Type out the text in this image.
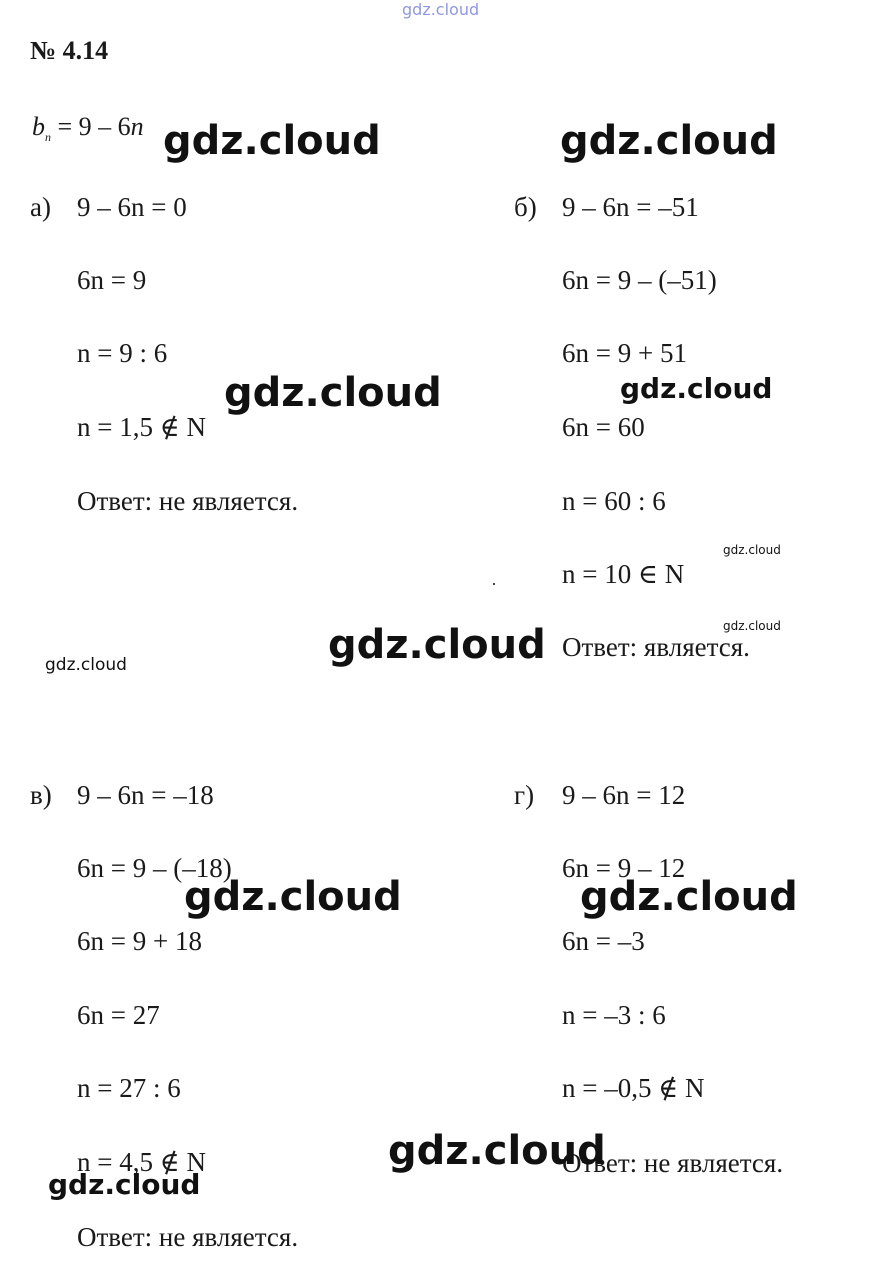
gdz.cloud
№ 4.14
$b_n = 9 - 6n$
а) 9 – 6n = 0
6n = 9
n = 9 : 6
n = 1,5 ∉ N
Ответ: не является.
б) 9 – 6n = –51
6n = 9 – (–51)
6n = 9 + 51
6n = 60
n = 60 : 6
n = 10 ∈ N
Ответ: является.
в) 9 – 6n = –18
6n = 9 – (–18)
6n = 9 + 18
6n = 27
n = 27 : 6
n = 4,5 ∉ N
Ответ: не является.
г) 9 – 6n = 12
6n = 9 – 12
6n = –3
n = –3 : 6
n = –0,5 ∉ N
Ответ: не является.
gdz.cloud	gdz.cloud
gdz.cloud	gdz.cloud
gdz.cloud
gdz.cloud
gdz.cloud
gdz.cloud
gdz.cloud	gdz.cloud
gdz.cloud
gdz.cloud
